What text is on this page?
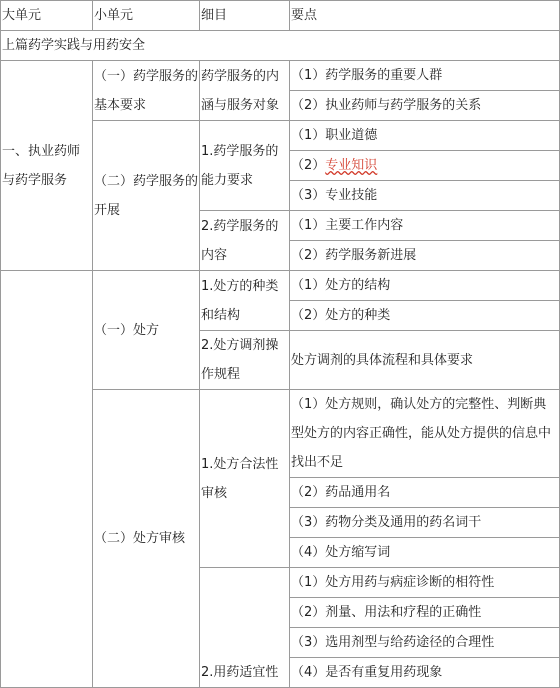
大单元	小单元	细目	要点
上篇药学实践与用药安全			
一、执业药师与药学服务	（一）药学服务的基本要求	药学服务的内涵与服务对象	（1）药学服务的重要人群
			（2）执业药师与药学服务的关系
	（二）药学服务的开展	1.药学服务的能力要求	（1）职业道德
			（2）专业知识
			（3）专业技能
		2.药学服务的内容	（1）主要工作内容
			（2）药学服务新进展
	（一）处方	1.处方的种类和结构	（1）处方的结构
			（2）处方的种类
		2.处方调剂操作规程	处方调剂的具体流程和具体要求

	（二）处方审核	1.处方合法性审核	（1）处方规则，确认处方的完整性、判断典型处方的内容正确性，能从处方提供的信息中找出不足
			（2）药品通用名
			（3）药物分类及通用的药名词干
			（4）处方缩写词
		2.用药适宜性	（1）处方用药与病症诊断的相符性
			（2）剂量、用法和疗程的正确性
			（3）选用剂型与给药途径的合理性
			（4）是否有重复用药现象
